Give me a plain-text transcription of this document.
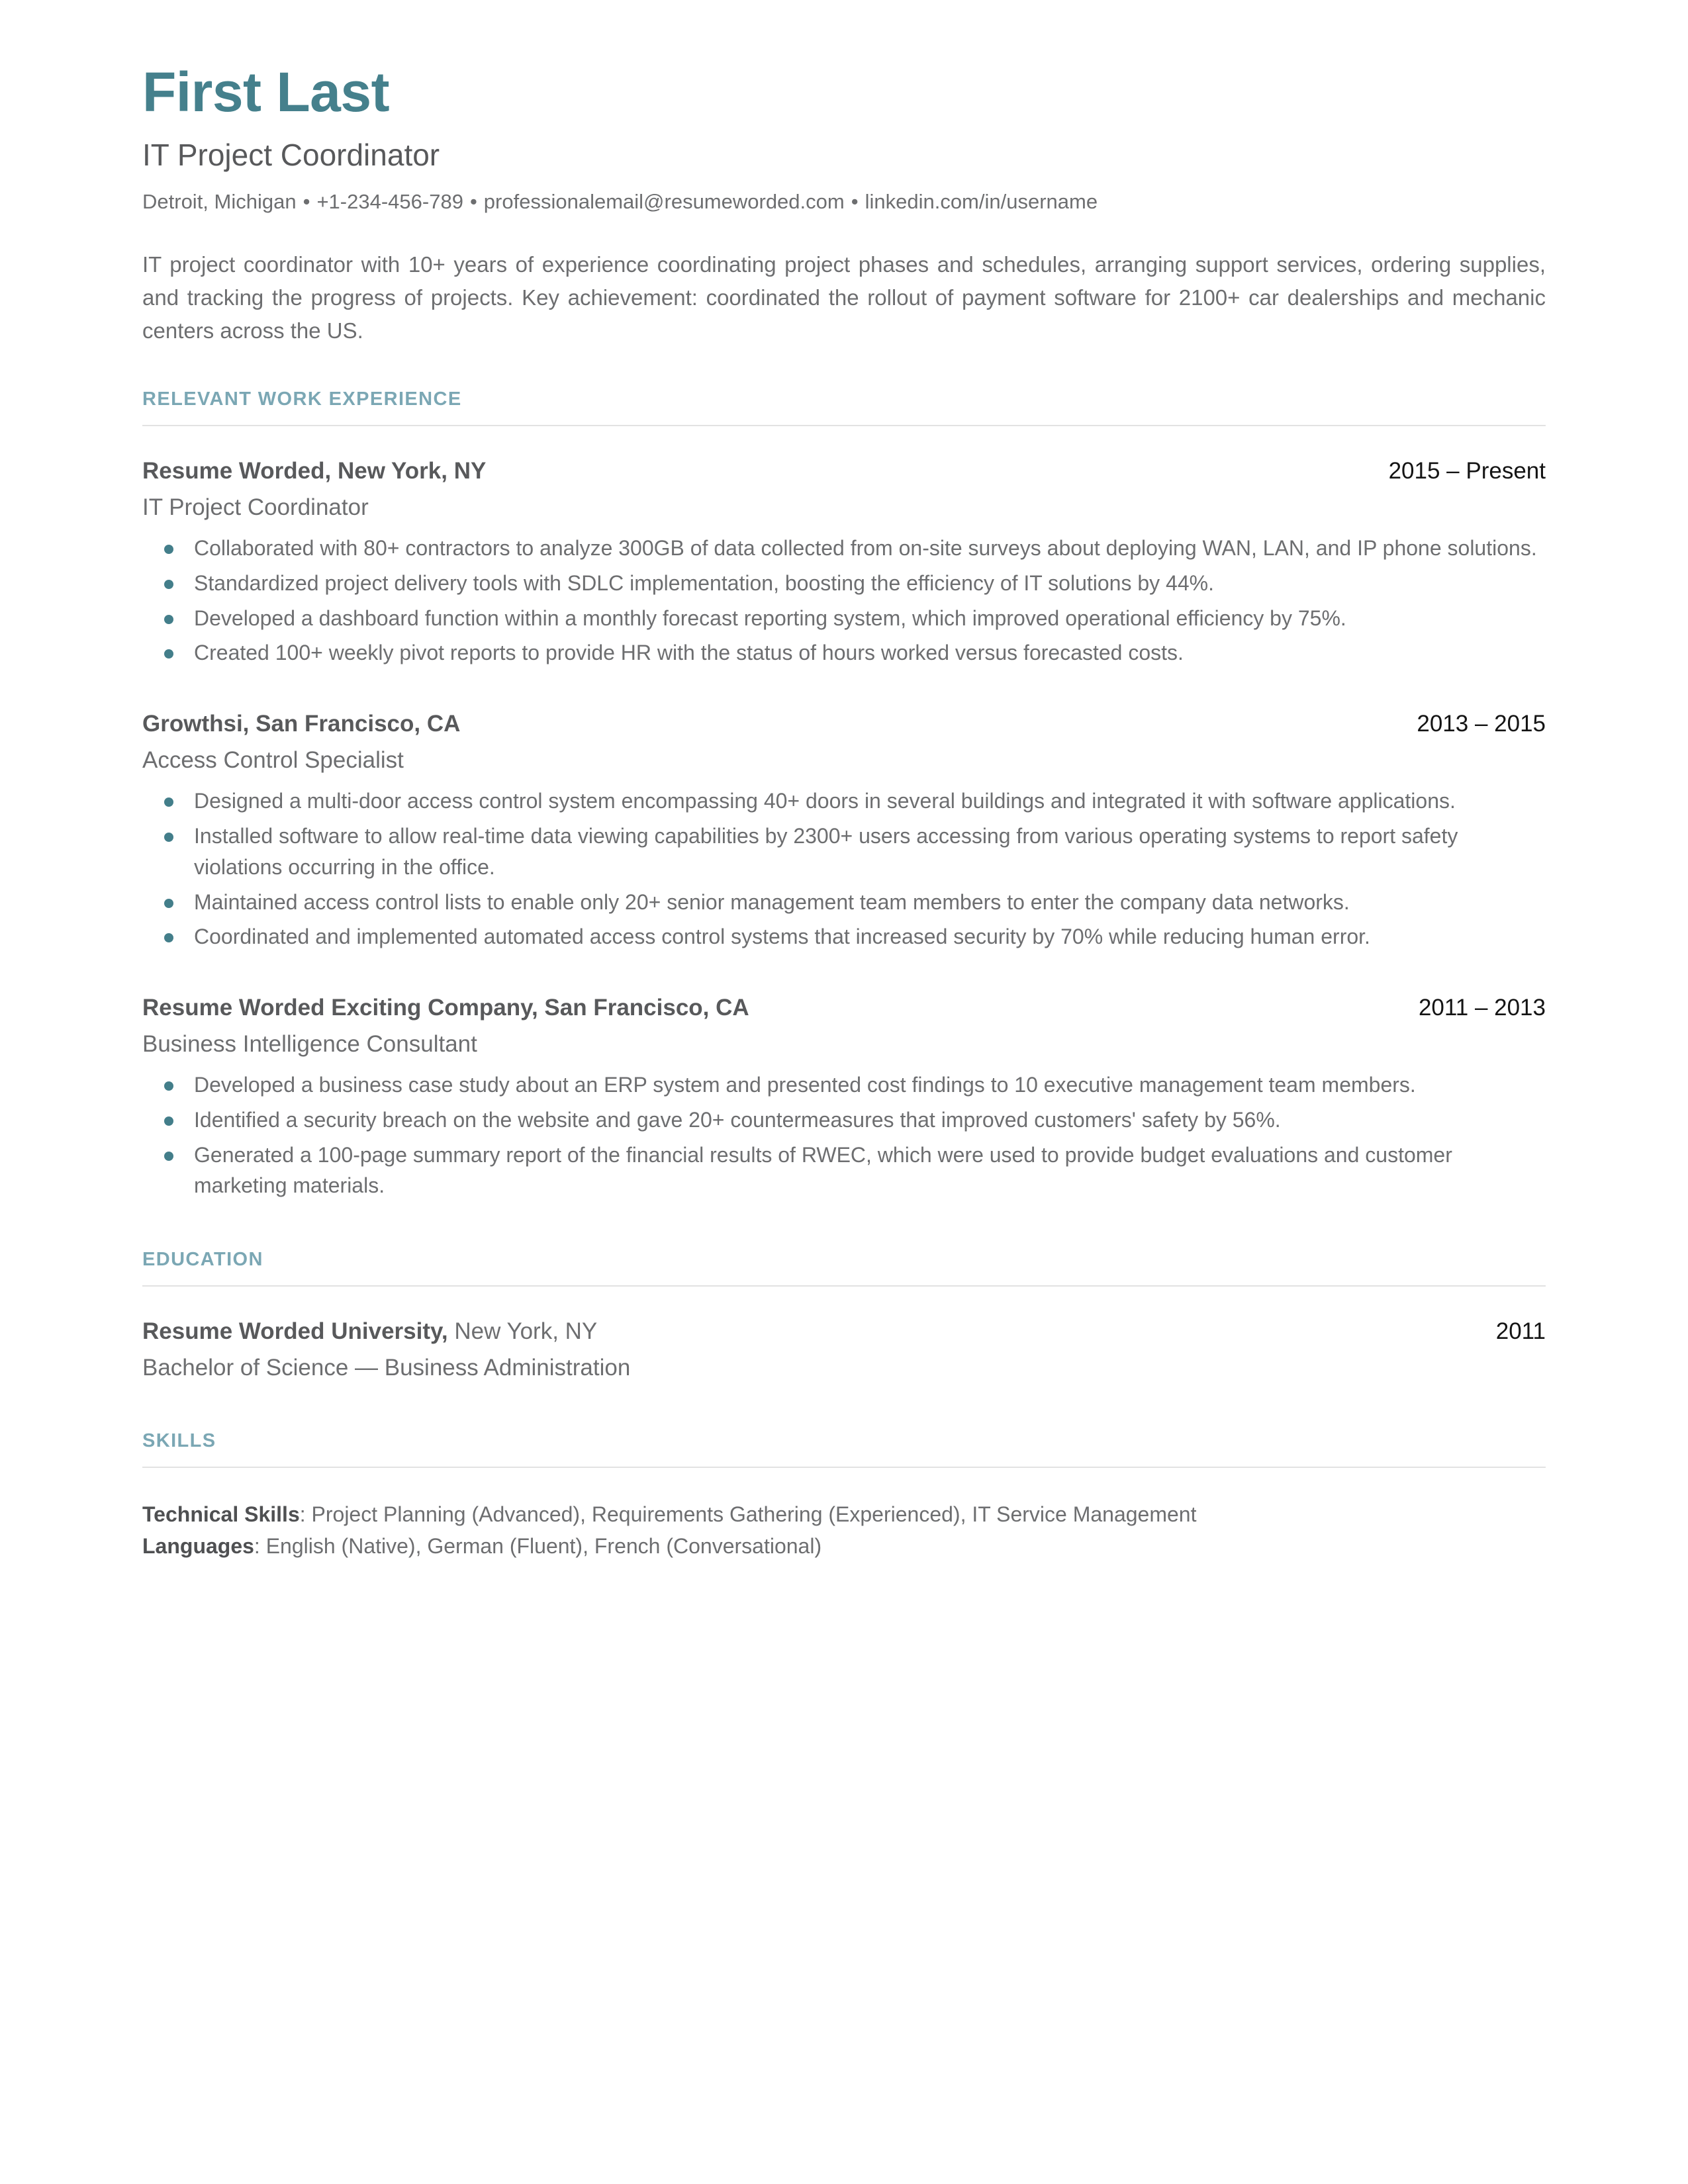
First Last
IT Project Coordinator
Detroit, Michigan • +1-234-456-789 • professionalemail@resumeworded.com • linkedin.com/in/username

IT project coordinator with 10+ years of experience coordinating project phases and schedules, arranging support services, ordering supplies, and tracking the progress of projects. Key achievement: coordinated the rollout of payment software for 2100+ car dealerships and mechanic centers across the US.

RELEVANT WORK EXPERIENCE
Resume Worded, New York, NY	2015 – Present
IT Project Coordinator
Collaborated with 80+ contractors to analyze 300GB of data collected from on-site surveys about deploying WAN, LAN, and IP phone solutions.
Standardized project delivery tools with SDLC implementation, boosting the efficiency of IT solutions by 44%.
Developed a dashboard function within a monthly forecast reporting system, which improved operational efficiency by 75%.
Created 100+ weekly pivot reports to provide HR with the status of hours worked versus forecasted costs.
Growthsi, San Francisco, CA	2013 – 2015
Access Control Specialist
Designed a multi-door access control system encompassing 40+ doors in several buildings and integrated it with software applications.
Installed software to allow real-time data viewing capabilities by 2300+ users accessing from various operating systems to report safety violations occurring in the office.
Maintained access control lists to enable only 20+ senior management team members to enter the company data networks.
Coordinated and implemented automated access control systems that increased security by 70% while reducing human error.
Resume Worded Exciting Company, San Francisco, CA	2011 – 2013
Business Intelligence Consultant
Developed a business case study about an ERP system and presented cost findings to 10 executive management team members.
Identified a security breach on the website and gave 20+ countermeasures that improved customers' safety by 56%.
Generated a 100-page summary report of the financial results of RWEC, which were used to provide budget evaluations and customer marketing materials.
EDUCATION
Resume Worded University, New York, NY	2011
Bachelor of Science — Business Administration
SKILLS
Technical Skills: Project Planning (Advanced), Requirements Gathering (Experienced), IT Service Management
Languages: English (Native), German (Fluent), French (Conversational)
